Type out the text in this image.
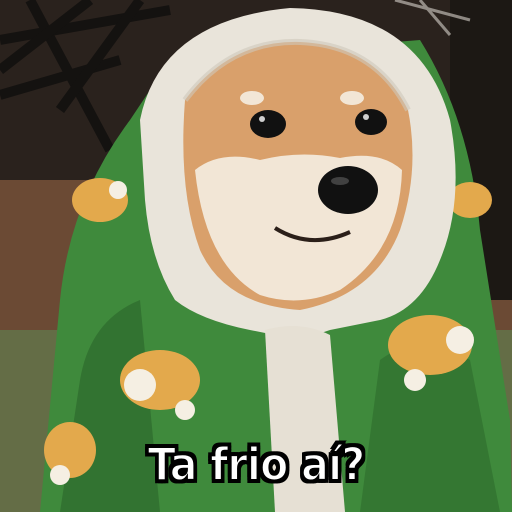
Ta frio aí?
